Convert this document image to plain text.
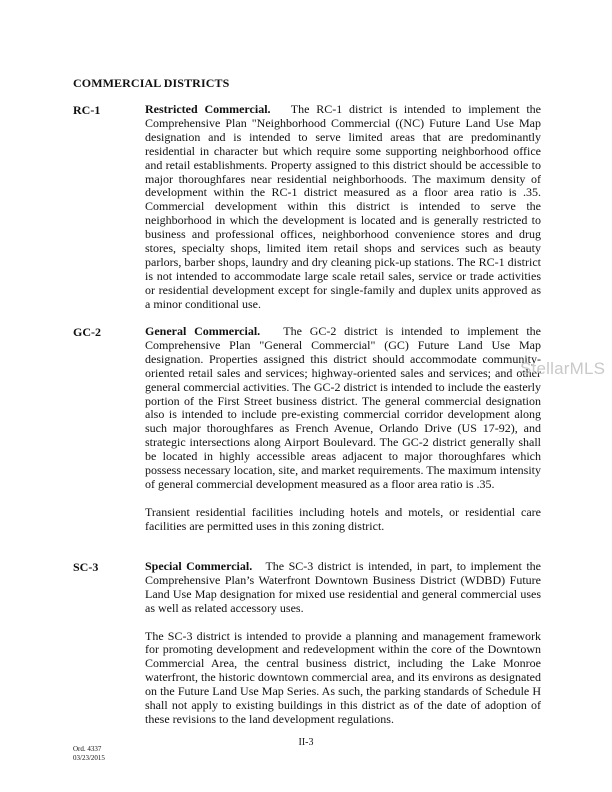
COMMERCIAL DISTRICTS
RC-1	Restricted Commercial. The RC-1 district is intended to implement the Comprehensive Plan "Neighborhood Commercial ((NC) Future Land Use Map designation and is intended to serve limited areas that are predominantly residential in character but which require some supporting neighborhood office and retail establishments. Property assigned to this district should be accessible to major thoroughfares near residential neighborhoods. The maximum density of development within the RC-1 district measured as a floor area ratio is .35. Commercial development within this district is intended to serve the neighborhood in which the development is located and is generally restricted to business and professional offices, neighborhood convenience stores and drug stores, specialty shops, limited item retail shops and services such as beauty parlors, barber shops, laundry and dry cleaning pick-up stations. The RC-1 district is not intended to accommodate large scale retail sales, service or trade activities or residential development except for single-family and duplex units approved as a minor conditional use.

GC-2	General Commercial. The GC-2 district is intended to implement the Comprehensive Plan "General Commercial" (GC) Future Land Use Map designation. Properties assigned this district should accommodate community-oriented retail sales and services; highway-oriented sales and services; and other general commercial activities. The GC-2 district is intended to include the easterly portion of the First Street business district. The general commercial designation also is intended to include pre-existing commercial corridor development along such major thoroughfares as French Avenue, Orlando Drive (US 17-92), and strategic intersections along Airport Boulevard. The GC-2 district generally shall be located in highly accessible areas adjacent to major thoroughfares which possess necessary location, site, and market requirements. The maximum intensity of general commercial development measured as a floor area ratio is .35.

Transient residential facilities including hotels and motels, or residential care facilities are permitted uses in this zoning district.

SC-3	Special Commercial. The SC-3 district is intended, in part, to implement the Comprehensive Plan’s Waterfront Downtown Business District (WDBD) Future Land Use Map designation for mixed use residential and general commercial uses as well as related accessory uses.

The SC-3 district is intended to provide a planning and management framework for promoting development and redevelopment within the core of the Downtown Commercial Area, the central business district, including the Lake Monroe waterfront, the historic downtown commercial area, and its environs as designated on the Future Land Use Map Series. As such, the parking standards of Schedule H shall not apply to existing buildings in this district as of the date of adoption of these revisions to the land development regulations.

II-3
Ord. 4337
03/23/2015
StellarMLS
